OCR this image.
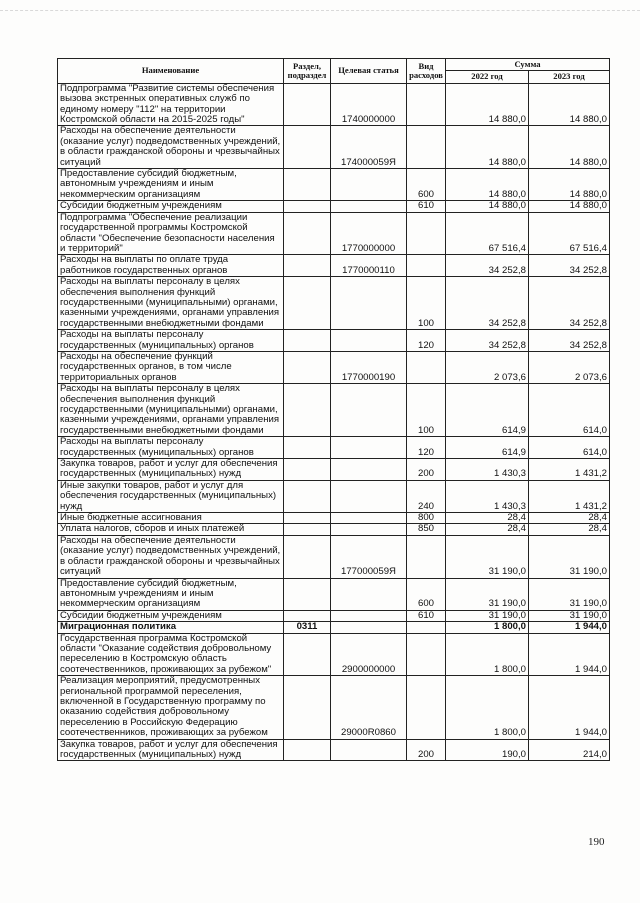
Наименование	Раздел, подраздел	Целевая статья	Вид расходов	Сумма	
				2022 год	2023 год
Подпрограмма "Развитие системы обеспечения вызова экстренных оперативных служб по единому номеру "112" на территории Костромской области на 2015-2025 годы"		1740000000		14 880,0	14 880,0
Расходы на обеспечение деятельности (оказание услуг) подведомственных учреждений, в области гражданской обороны и чрезвычайных ситуаций		174000059Я		14 880,0	14 880,0
Предоставление субсидий бюджетным, автономным учреждениям и иным некоммерческим организациям			600	14 880,0	14 880,0
Субсидии бюджетным учреждениям			610	14 880,0	14 880,0
Подпрограмма "Обеспечение реализации государственной программы Костромской области "Обеспечение безопасности населения и территорий"		1770000000		67 516,4	67 516,4
Расходы на выплаты по оплате труда работников государственных органов		1770000110		34 252,8	34 252,8
Расходы на выплаты персоналу в целях обеспечения выполнения функций государственными (муниципальными) органами, казенными учреждениями, органами управления государственными внебюджетными фондами			100	34 252,8	34 252,8
Расходы на выплаты персоналу государственных (муниципальных) органов			120	34 252,8	34 252,8
Расходы на обеспечение функций государственных органов, в том числе территориальных органов		1770000190		2 073,6	2 073,6
Расходы на выплаты персоналу в целях обеспечения выполнения функций государственными (муниципальными) органами, казенными учреждениями, органами управления государственными внебюджетными фондами			100	614,9	614,0
Расходы на выплаты персоналу государственных (муниципальных) органов			120	614,9	614,0
Закупка товаров, работ и услуг для обеспечения государственных (муниципальных) нужд			200	1 430,3	1 431,2
Иные закупки товаров, работ и услуг для обеспечения государственных (муниципальных) нужд			240	1 430,3	1 431,2
Иные бюджетные ассигнования			800	28,4	28,4
Уплата налогов, сборов и иных платежей			850	28,4	28,4
Расходы на обеспечение деятельности (оказание услуг) подведомственных учреждений, в области гражданской обороны и чрезвычайных ситуаций		177000059Я		31 190,0	31 190,0
Предоставление субсидий бюджетным, автономным учреждениям и иным некоммерческим организациям			600	31 190,0	31 190,0
Субсидии бюджетным учреждениям			610	31 190,0	31 190,0
Миграционная политика	0311			1 800,0	1 944,0
Государственная программа Костромской области "Оказание содействия добровольному переселению в Костромскую область соотечественников, проживающих за рубежом"		2900000000		1 800,0	1 944,0
Реализация мероприятий, предусмотренных региональной программой переселения, включенной в Государственную программу по оказанию содействия добровольному переселению в Российскую Федерацию соотечественников, проживающих за рубежом		29000R0860		1 800,0	1 944,0
Закупка товаров, работ и услуг для обеспечения государственных (муниципальных) нужд			200	190,0	214,0
190
